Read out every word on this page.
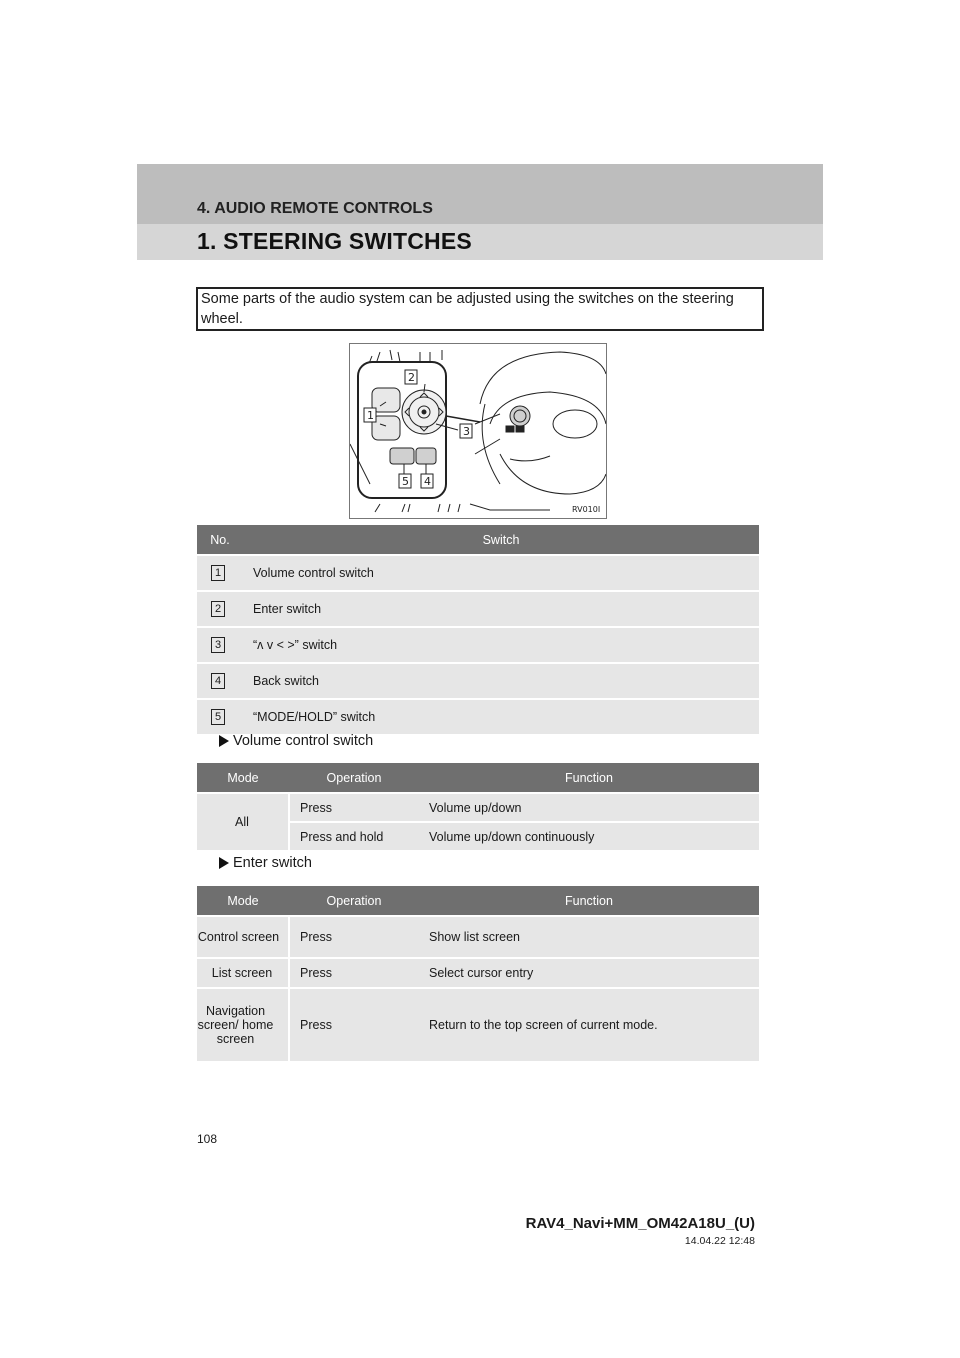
4. AUDIO REMOTE CONTROLS
1. STEERING SWITCHES
Some parts of the audio system can be adjusted using the switches on the steering wheel.
1
2
3
4
5
RV010I
No.	Switch
1	Volume control switch
2	Enter switch
3	“ʌ v < >” switch
4	Back switch
5	“MODE/HOLD” switch
Volume control switch
Mode	Operation	Function
All	Press	Volume up/down
	Press and hold	Volume up/down continuously
Enter switch
Mode	Operation	Function
Control screen	Press	Show list screen
List screen	Press	Select cursor entry
Navigation screen/ home screen	Press	Return to the top screen of current mode.
108
RAV4_Navi+MM_OM42A18U_(U)
14.04.22 12:48
